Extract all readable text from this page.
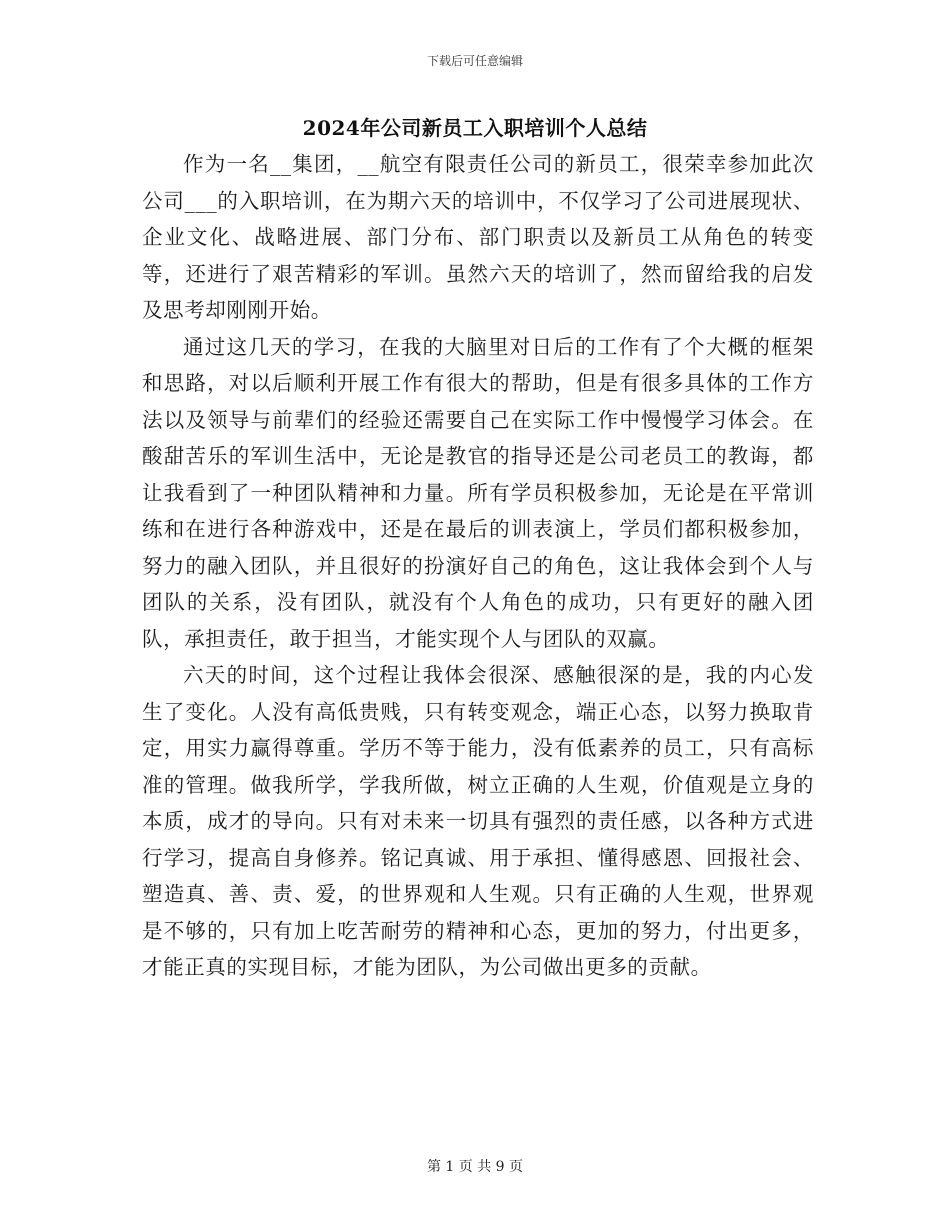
下载后可任意编辑
2024年公司新员工入职培训个人总结

作为一名__集团，__航空有限责任公司的新员工，很荣幸参加此次公司___的入职培训，在为期六天的培训中，不仅学习了公司进展现状、企业文化、战略进展、部门分布、部门职责以及新员工从角色的转变等，还进行了艰苦精彩的军训。虽然六天的培训了，然而留给我的启发及思考却刚刚开始。

通过这几天的学习，在我的大脑里对日后的工作有了个大概的框架和思路，对以后顺利开展工作有很大的帮助，但是有很多具体的工作方法以及领导与前辈们的经验还需要自己在实际工作中慢慢学习体会。在酸甜苦乐的军训生活中，无论是教官的指导还是公司老员工的教诲，都让我看到了一种团队精神和力量。所有学员积极参加，无论是在平常训练和在进行各种游戏中，还是在最后的训表演上，学员们都积极参加，努力的融入团队，并且很好的扮演好自己的角色，这让我体会到个人与团队的关系，没有团队，就没有个人角色的成功，只有更好的融入团队，承担责任，敢于担当，才能实现个人与团队的双赢。

六天的时间，这个过程让我体会很深、感触很深的是，我的内心发生了变化。人没有高低贵贱，只有转变观念，端正心态，以努力换取肯定，用实力赢得尊重。学历不等于能力，没有低素养的员工，只有高标准的管理。做我所学，学我所做，树立正确的人生观，价值观是立身的本质，成才的导向。只有对未来一切具有强烈的责任感，以各种方式进行学习，提高自身修养。铭记真诚、用于承担、懂得感恩、回报社会、塑造真、善、责、爱，的世界观和人生观。只有正确的人生观，世界观是不够的，只有加上吃苦耐劳的精神和心态，更加的努力，付出更多，才能正真的实现目标，才能为团队，为公司做出更多的贡献。

第 1 页 共 9 页
